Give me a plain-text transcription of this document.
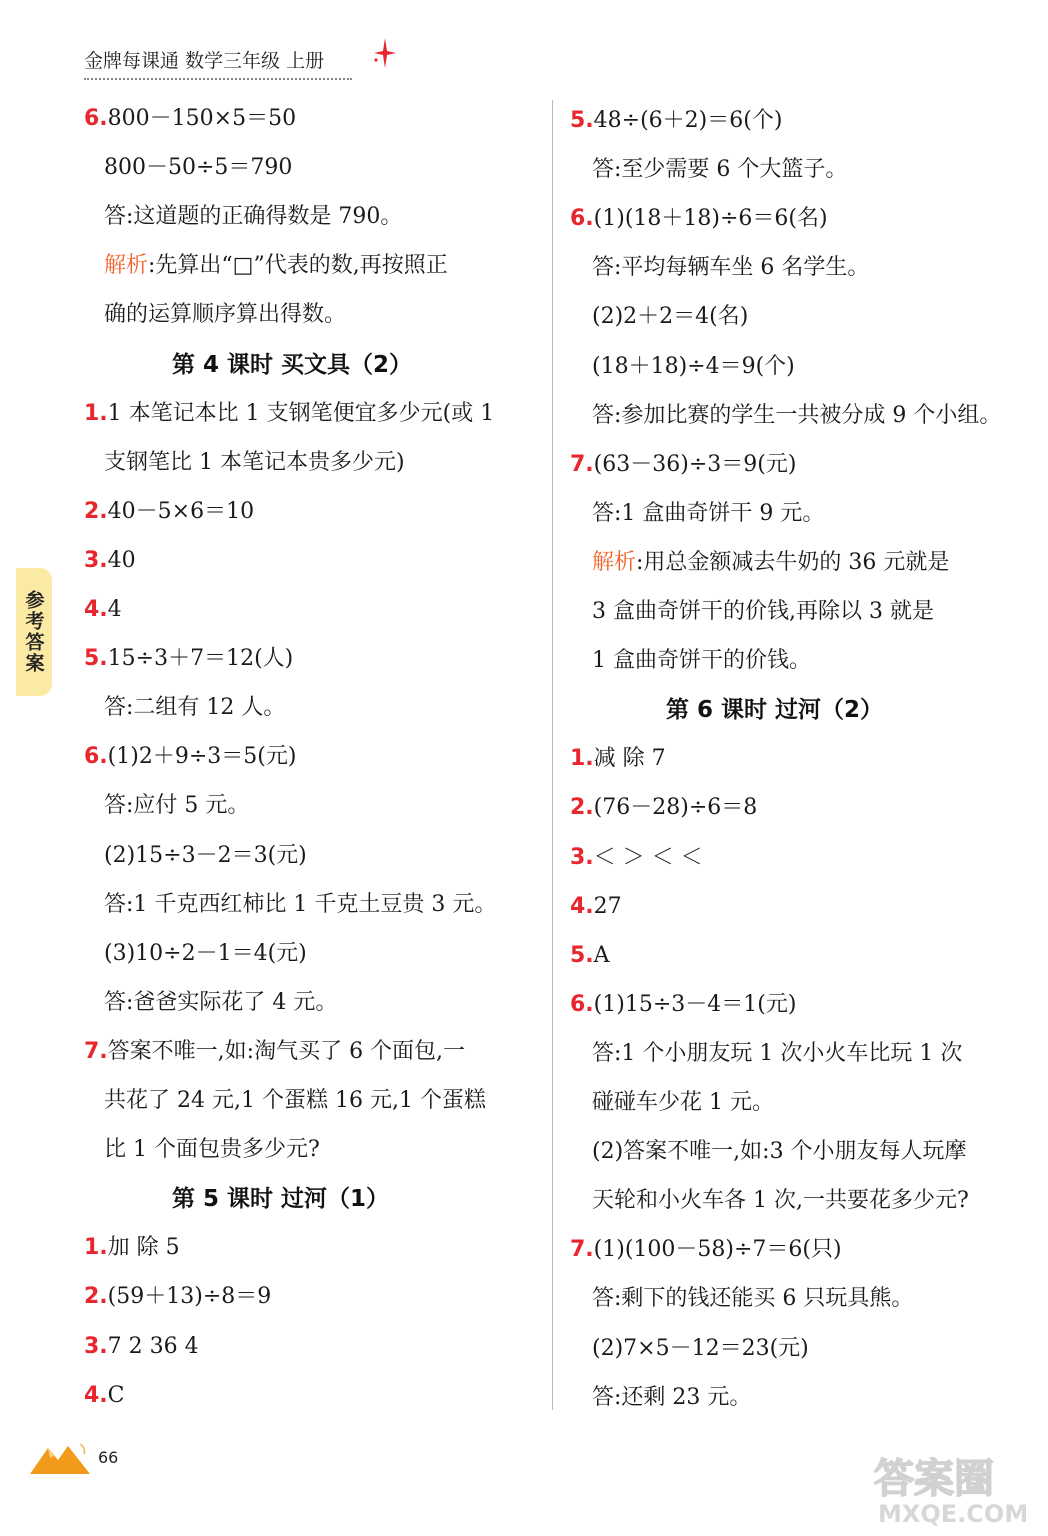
金牌每课通 数学三年级 上册
参考答案
6.800－150×5＝50
800－50÷5＝790
答:这道题的正确得数是 790。
解析:先算出“□”代表的数,再按照正
确的运算顺序算出得数。
第 4 课时 买文具（2）
1.1 本笔记本比 1 支钢笔便宜多少元(或 1
支钢笔比 1 本笔记本贵多少元)
2.40－5×6＝10
3.40
4.4
5.15÷3＋7＝12(人)
答:二组有 12 人。
6.(1)2＋9÷3＝5(元)
答:应付 5 元。
(2)15÷3－2＝3(元)
答:1 千克西红柿比 1 千克土豆贵 3 元。
(3)10÷2－1＝4(元)
答:爸爸实际花了 4 元。
7.答案不唯一,如:淘气买了 6 个面包,一
共花了 24 元,1 个蛋糕 16 元,1 个蛋糕
比 1 个面包贵多少元?
第 5 课时 过河（1）
1.加 除 5
2.(59＋13)÷8＝9
3.7 2 36 4
4.C
5.48÷(6＋2)＝6(个)
答:至少需要 6 个大篮子。
6.(1)(18＋18)÷6＝6(名)
答:平均每辆车坐 6 名学生。
(2)2＋2＝4(名)
(18＋18)÷4＝9(个)
答:参加比赛的学生一共被分成 9 个小组。
7.(63－36)÷3＝9(元)
答:1 盒曲奇饼干 9 元。
解析:用总金额减去牛奶的 36 元就是
3 盒曲奇饼干的价钱,再除以 3 就是
1 盒曲奇饼干的价钱。
第 6 课时 过河（2）
1.减 除 7
2.(76－28)÷6＝8
3.＜ ＞ ＜ ＜
4.27
5.A
6.(1)15÷3－4＝1(元)
答:1 个小朋友玩 1 次小火车比玩 1 次
碰碰车少花 1 元。
(2)答案不唯一,如:3 个小朋友每人玩摩
天轮和小火车各 1 次,一共要花多少元?
7.(1)(100－58)÷7＝6(只)
答:剩下的钱还能买 6 只玩具熊。
(2)7×5－12＝23(元)
答:还剩 23 元。
66	答案圈
MXQE.COM
